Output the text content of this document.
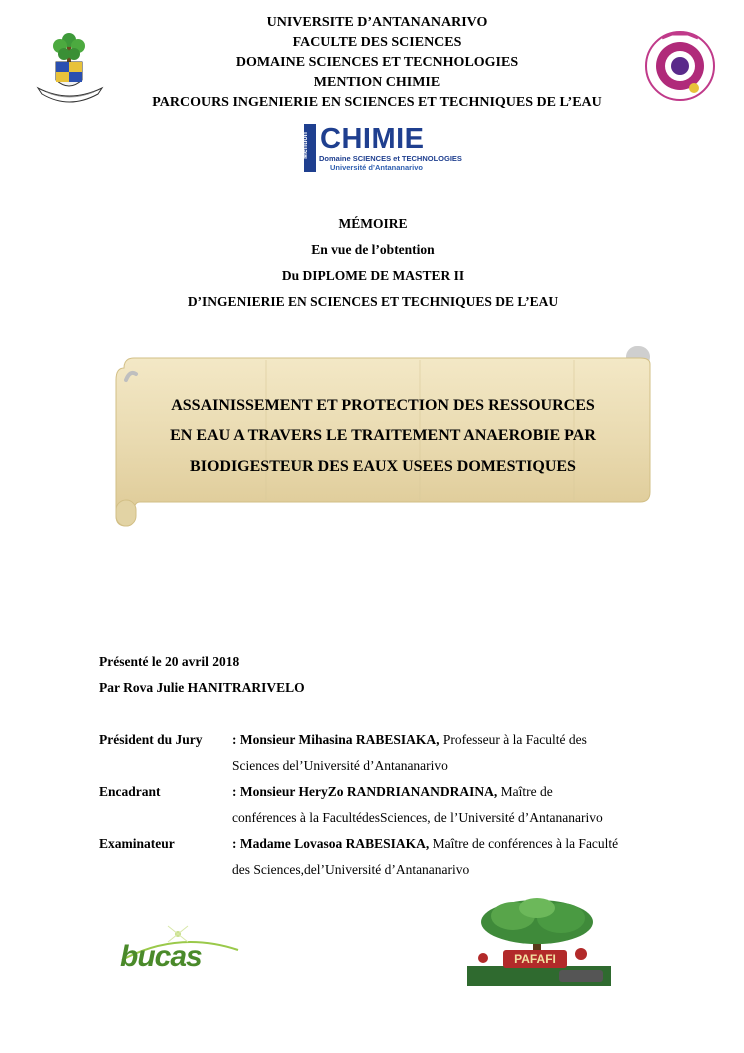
UNIVERSITE D’ANTANANARIVO
FACULTE DES SCIENCES
DOMAINE SCIENCES ET TECNHOLOGIES
MENTION CHIMIE
PARCOURS INGENIERIE EN SCIENCES ET TECHNIQUES DE L’EAU
Mention CHIMIE
Domaine SCIENCES et TECHNOLOGIES
Université d’Antananarivo
MÉMOIRE
En vue de l’obtention
Du DIPLOME DE MASTER II
D’INGENIERIE EN SCIENCES ET TECHNIQUES DE L’EAU
ASSAINISSEMENT ET PROTECTION DES RESSOURCES
EN EAU A TRAVERS LE TRAITEMENT ANAEROBIE PAR
BIODIGESTEUR DES EAUX USEES DOMESTIQUES
Présenté le 20 avril 2018
Par Rova Julie HANITRARIVELO
Président du Jury : Monsieur Mihasina RABESIAKA, Professeur à la Faculté des
Sciences del’Université d’Antananarivo
Encadrant	: Monsieur HeryZo RANDRIANANDRAINA, Maître de
conférences à la FacultédesSciences, de l’Université d’Antananarivo
Examinateur	: Madame Lovasoa RABESIAKA, Maître de conférences à la Faculté
des Sciences,del’Université d’Antananarivo
bucas	PAFAFI
